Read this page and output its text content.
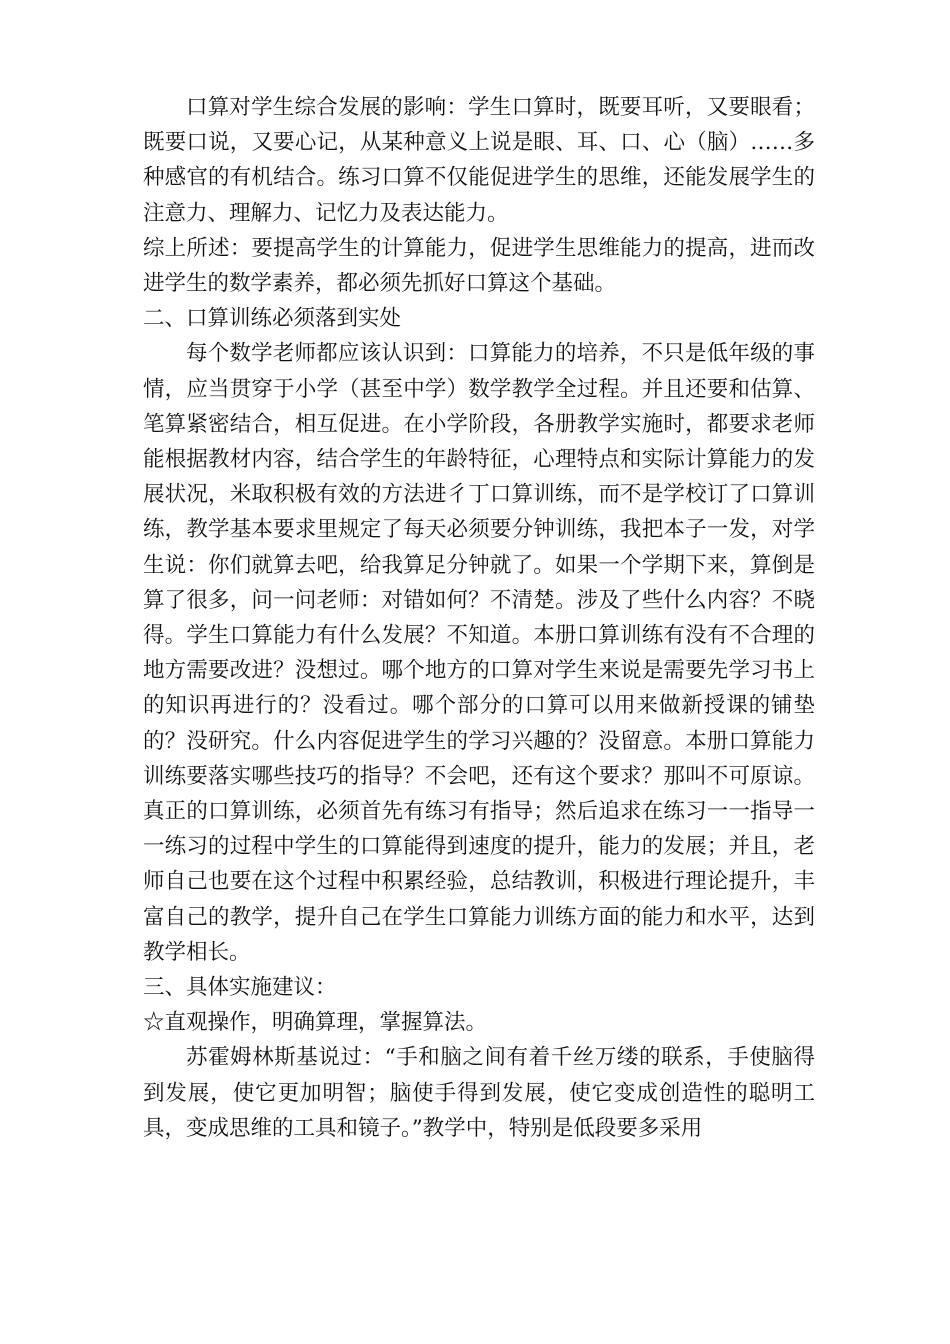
口算对学生综合发展的影响：学生口算时，既要耳听，又要眼看；既要口说，又要心记，从某种意义上说是眼、耳、口、心（脑）……多种感官的有机结合。练习口算不仅能促进学生的思维，还能发展学生的注意力、理解力、记忆力及表达能力。

综上所述：要提高学生的计算能力，促进学生思维能力的提高，进而改进学生的数学素养，都必须先抓好口算这个基础。

二、口算训练必须落到实处

每个数学老师都应该认识到：口算能力的培养，不只是低年级的事情，应当贯穿于小学（甚至中学）数学教学全过程。并且还要和估算、笔算紧密结合，相互促进。在小学阶段，各册教学实施时，都要求老师能根据教材内容，结合学生的年龄特征，心理特点和实际计算能力的发展状况，米取积极有效的方法进彳丁口算训练，而不是学校订了口算训练，教学基本要求里规定了每天必须要分钟训练，我把本子一发，对学生说：你们就算去吧，给我算足分钟就了。如果一个学期下来，算倒是算了很多，问一问老师：对错如何？不清楚。涉及了些什么内容？不晓得。学生口算能力有什么发展？不知道。本册口算训练有没有不合理的地方需要改进？没想过。哪个地方的口算对学生来说是需要先学习书上的知识再进行的？没看过。哪个部分的口算可以用来做新授课的铺垫的？没研究。什么内容促进学生的学习兴趣的？没留意。本册口算能力训练要落实哪些技巧的指导？不会吧，还有这个要求？那叫不可原谅。真正的口算训练，必须首先有练习有指导；然后追求在练习一一指导一一练习的过程中学生的口算能得到速度的提升，能力的发展；并且，老师自己也要在这个过程中积累经验，总结教训，积极进行理论提升，丰富自己的教学，提升自己在学生口算能力训练方面的能力和水平，达到教学相长。

三、具体实施建议：

☆直观操作，明确算理，掌握算法。

苏霍姆林斯基说过：“手和脑之间有着千丝万缕的联系，手使脑得到发展，使它更加明智；脑使手得到发展，使它变成创造性的聪明工具，变成思维的工具和镜子。”教学中，特别是低段要多采用
